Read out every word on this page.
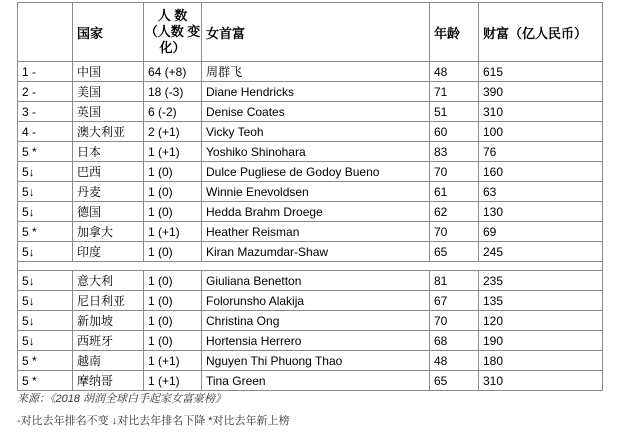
	国家	人 数 （人数 变化）	女首富	年龄	财富（亿人民币）
1 -	中国	64 (+8)	周群飞	48	615
2 -	美国	18 (-3)	Diane Hendricks	71	390
3 -	英国	6 (-2)	Denise Coates	51	310
4 -	澳大利亚	2 (+1)	Vicky Teoh	60	100
5 *	日本	1 (+1)	Yoshiko Shinohara	83	76
5↓	巴西	1 (0)	Dulce Pugliese de Godoy Bueno	70	160
5↓	丹麦	1 (0)	Winnie Enevoldsen	61	63
5↓	德国	1 (0)	Hedda Brahm Droege	62	130
5 *	加拿大	1 (+1)	Heather Reisman	70	69
5↓	印度	1 (0)	Kiran Mazumdar-Shaw	65	245

5↓	意大利	1 (0)	Giuliana Benetton	81	235
5↓	尼日利亚	1 (0)	Folorunsho Alakija	67	135
5↓	新加坡	1 (0)	Christina Ong	70	120
5↓	西班牙	1 (0)	Hortensia Herrero	68	190
5 *	越南	1 (+1)	Nguyen Thi Phuong Thao	48	180
5 *	摩纳哥	1 (+1)	Tina Green	65	310
来源：《2018 胡润全球白手起家女富豪榜》
-对比去年排名不变 ↓对比去年排名下降 *对比去年新上榜
